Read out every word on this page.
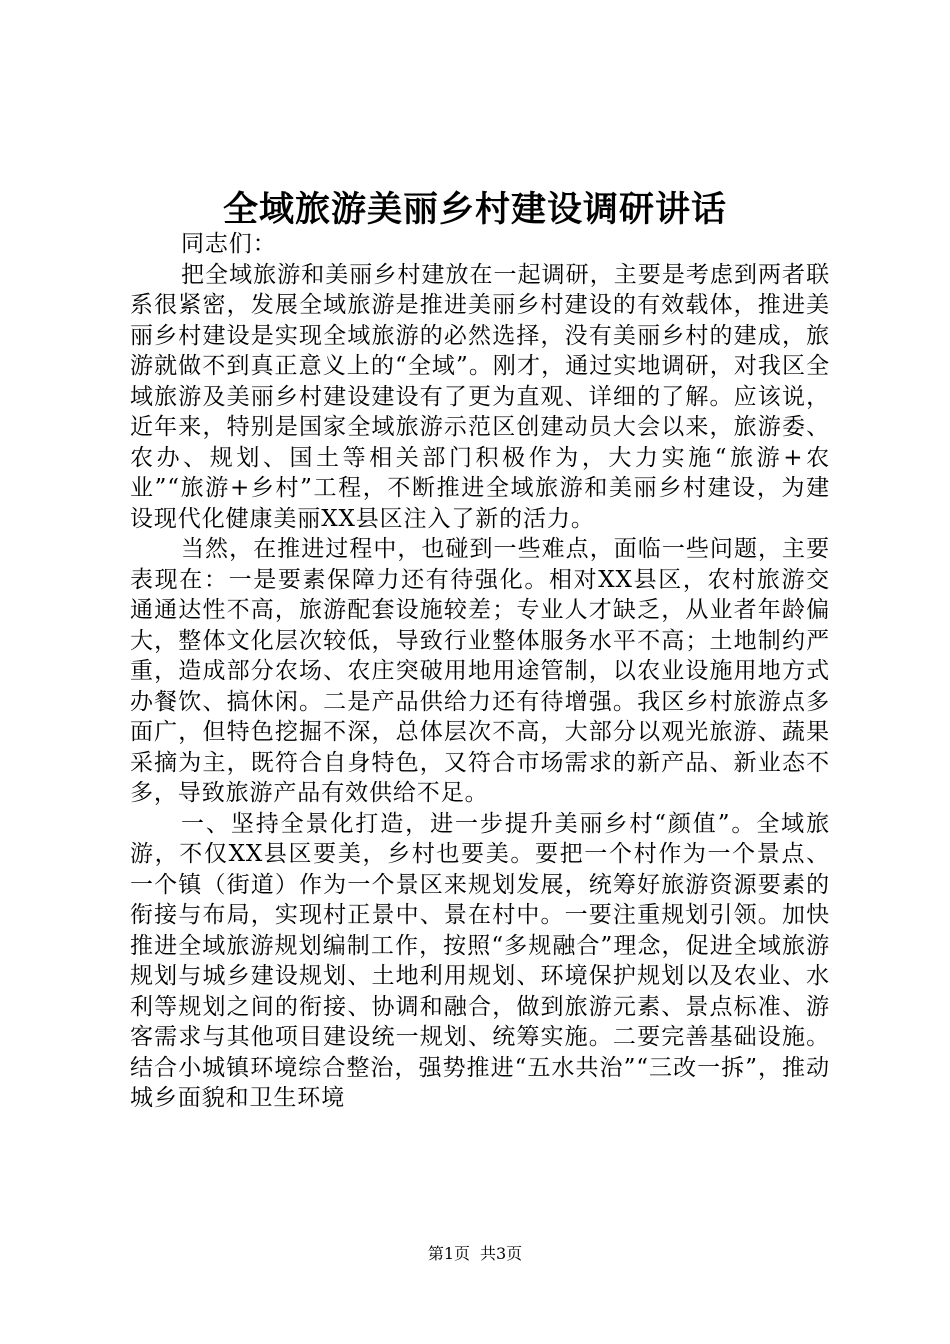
全域旅游美丽乡村建设调研讲话

同志们：

把全域旅游和美丽乡村建放在一起调研，主要是考虑到两者联系很紧密，发展全域旅游是推进美丽乡村建设的有效载体，推进美丽乡村建设是实现全域旅游的必然选择，没有美丽乡村的建成，旅游就做不到真正意义上的“全域”。刚才，通过实地调研，对我区全域旅游及美丽乡村建设建设有了更为直观、详细的了解。应该说，近年来，特别是国家全域旅游示范区创建动员大会以来，旅游委、农办、规划、国土等相关部门积极作为，大力实施“旅游+农业”“旅游+乡村”工程，不断推进全域旅游和美丽乡村建设，为建设现代化健康美丽XX县区注入了新的活力。

当然，在推进过程中，也碰到一些难点，面临一些问题，主要表现在：一是要素保障力还有待强化。相对XX县区，农村旅游交通通达性不高，旅游配套设施较差；专业人才缺乏，从业者年龄偏大，整体文化层次较低，导致行业整体服务水平不高；土地制约严重，造成部分农场、农庄突破用地用途管制，以农业设施用地方式办餐饮、搞休闲。二是产品供给力还有待增强。我区乡村旅游点多面广，但特色挖掘不深，总体层次不高，大部分以观光旅游、蔬果采摘为主，既符合自身特色，又符合市场需求的新产品、新业态不多，导致旅游产品有效供给不足。

一、坚持全景化打造，进一步提升美丽乡村“颜值”。全域旅游，不仅XX县区要美，乡村也要美。要把一个村作为一个景点、一个镇（街道）作为一个景区来规划发展，统筹好旅游资源要素的衔接与布局，实现村正景中、景在村中。一要注重规划引领。加快推进全域旅游规划编制工作，按照“多规融合”理念，促进全域旅游规划与城乡建设规划、土地利用规划、环境保护规划以及农业、水利等规划之间的衔接、协调和融合，做到旅游元素、景点标准、游客需求与其他项目建设统一规划、统筹实施。二要完善基础设施。结合小城镇环境综合整治，强势推进“五水共治”“三改一拆”，推动城乡面貌和卫生环境

第1页 共3页
